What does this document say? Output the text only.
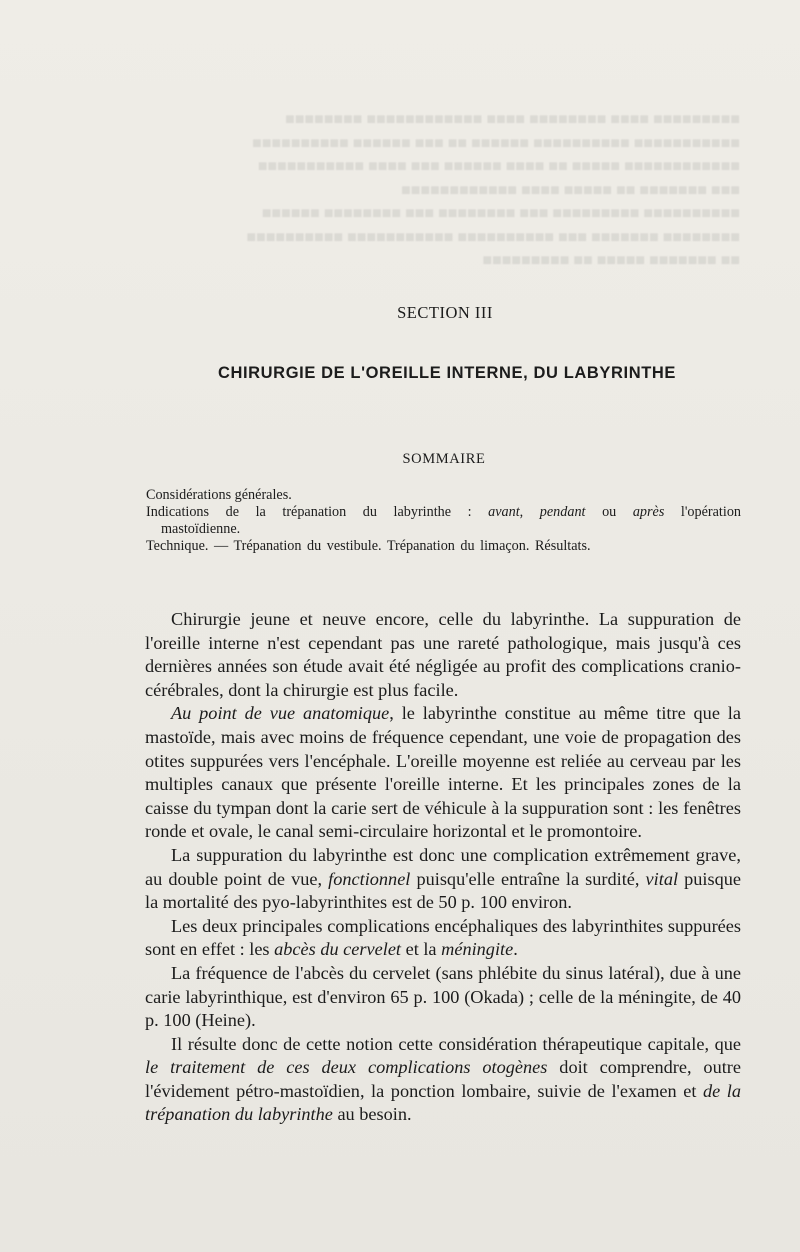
■■■■■■■■■ ■■■■ ■■■■■■■■ ■■■■ ■■■■■■■■■■■■ ■■■■■■■■

■■■■■■■■■■■ ■■■■■■■■■■ ■■■■■■ ■■ ■■■ ■■■■■■ ■■■■■■■■■■

■■■■■■■■■■■■ ■■■■■ ■■ ■■■■ ■■■■■■ ■■■ ■■■■ ■■■■■■■■■■■

■■■ ■■■■■■■ ■■ ■■■■■ ■■■■ ■■■■■■■■■■■■

■■■■■■■■■■ ■■■■■■■■■ ■■■ ■■■■■■■■ ■■■ ■■■■■■■■ ■■■■■■

■■■■■■■■ ■■■■■■■ ■■■ ■■■■■■■■■■ ■■■■■■■■■■■ ■■■■■■■■■■

■■ ■■■■■■■ ■■■■■ ■■ ■■■■■■■■■

SECTION III
CHIRURGIE DE L'OREILLE INTERNE, DU LABYRINTHE
SOMMAIRE

Considérations générales.

Indications de la trépanation du labyrinthe : avant, pendant ou après l'opération

mastoïdienne.

Technique. — Trépanation du vestibule. Trépanation du limaçon. Résultats.

Chirurgie jeune et neuve encore, celle du labyrinthe. La suppuration de l'oreille interne n'est cependant pas une rareté pathologique, mais jusqu'à ces dernières années son étude avait été négligée au profit des complications cranio-cérébrales, dont la chirurgie est plus facile.

Au point de vue anatomique, le labyrinthe constitue au même titre que la mastoïde, mais avec moins de fréquence cependant, une voie de propagation des otites suppurées vers l'encéphale. L'oreille moyenne est reliée au cerveau par les multiples canaux que présente l'oreille interne. Et les principales zones de la caisse du tympan dont la carie sert de véhicule à la suppuration sont : les fenêtres ronde et ovale, le canal semi-circulaire horizontal et le promontoire.

La suppuration du labyrinthe est donc une complication extrêmement grave, au double point de vue, fonctionnel puisqu'elle entraîne la surdité, vital puisque la mortalité des pyo-labyrinthites est de 50 p. 100 environ.

Les deux principales complications encéphaliques des labyrinthites suppurées sont en effet : les abcès du cervelet et la méningite.

La fréquence de l'abcès du cervelet (sans phlébite du sinus latéral), due à une carie labyrinthique, est d'environ 65 p. 100 (Okada) ; celle de la méningite, de 40 p. 100 (Heine).

Il résulte donc de cette notion cette considération thérapeutique capitale, que le traitement de ces deux complications otogènes doit comprendre, outre l'évidement pétro-mastoïdien, la ponction lombaire, suivie de l'examen et de la trépanation du labyrinthe au besoin.
